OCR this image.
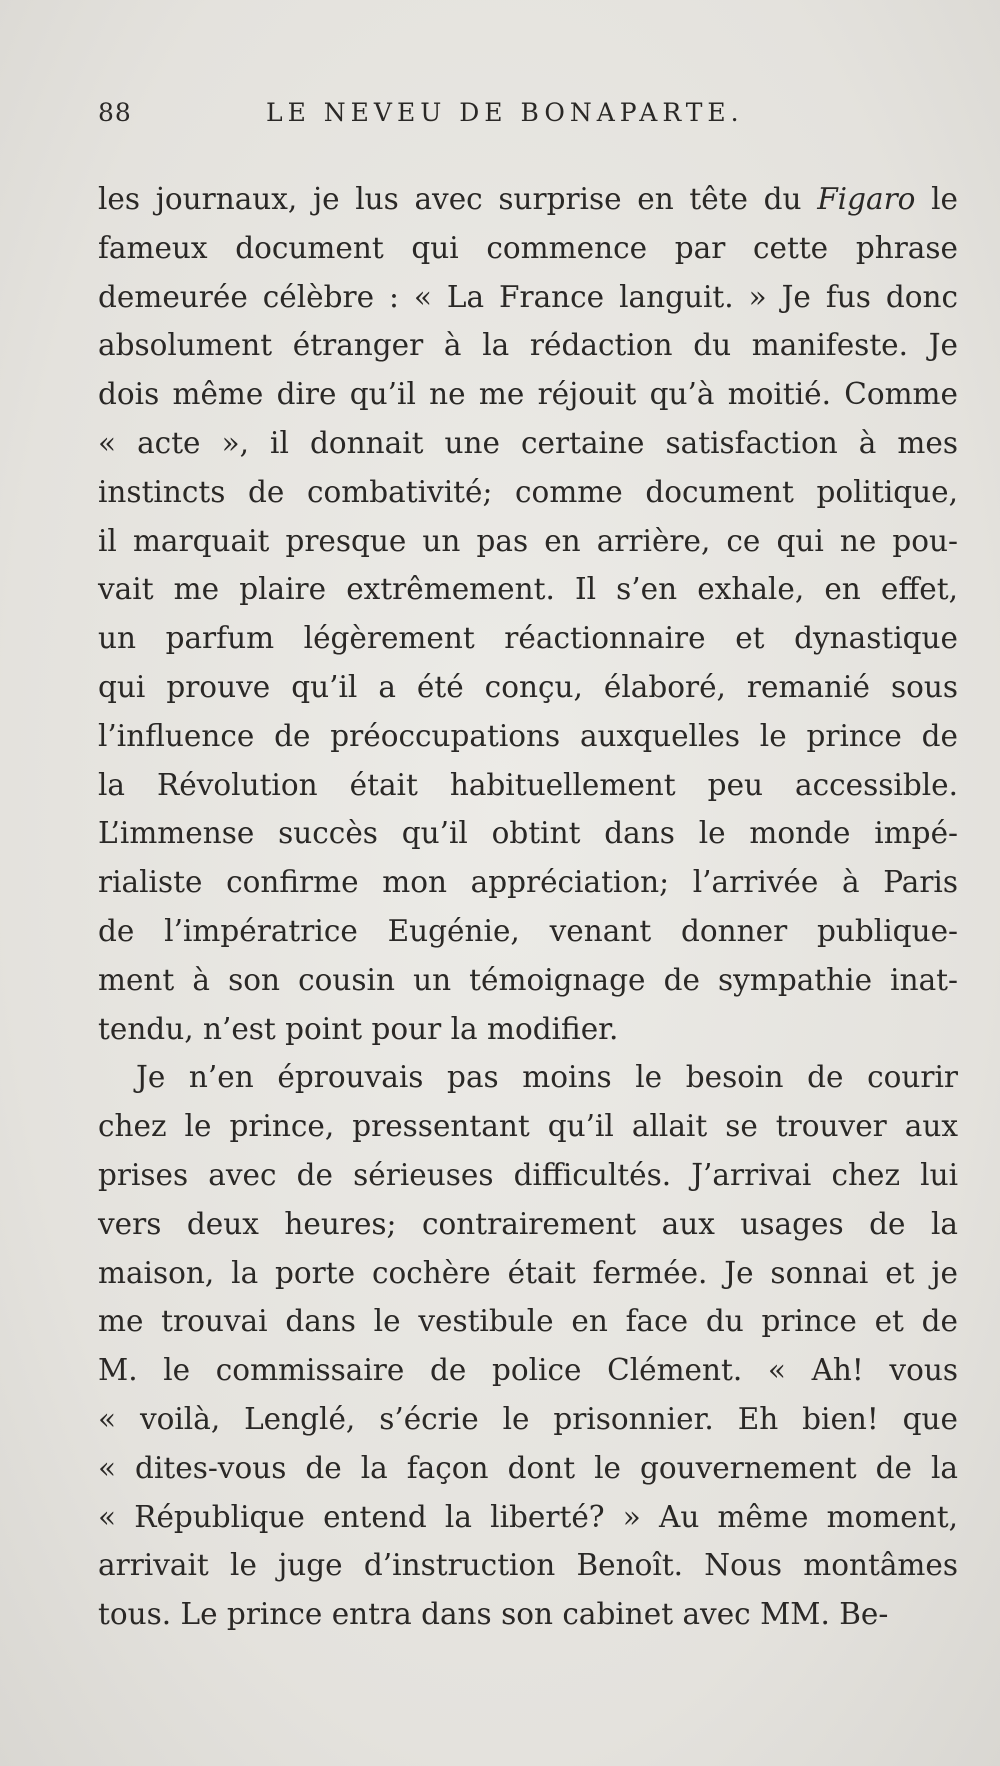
88	LE NEVEU DE BONAPARTE.
les journaux, je lus avec surprise en tête du Figaro le
fameux document qui commence par cette phrase
demeurée célèbre : « La France languit. » Je fus donc
absolument étranger à la rédaction du manifeste. Je
dois même dire qu’il ne me réjouit qu’à moitié. Comme
« acte », il donnait une certaine satisfaction à mes
instincts de combativité; comme document politique,
il marquait presque un pas en arrière, ce qui ne pou-
vait me plaire extrêmement. Il s’en exhale, en effet,
un parfum légèrement réactionnaire et dynastique
qui prouve qu’il a été conçu, élaboré, remanié sous
l’influence de préoccupations auxquelles le prince de
la Révolution était habituellement peu accessible.
L’immense succès qu’il obtint dans le monde impé-
rialiste confirme mon appréciation; l’arrivée à Paris
de l’impératrice Eugénie, venant donner publique-
ment à son cousin un témoignage de sympathie inat-
tendu, n’est point pour la modifier.
Je n’en éprouvais pas moins le besoin de courir
chez le prince, pressentant qu’il allait se trouver aux
prises avec de sérieuses difficultés. J’arrivai chez lui
vers deux heures; contrairement aux usages de la
maison, la porte cochère était fermée. Je sonnai et je
me trouvai dans le vestibule en face du prince et de
M. le commissaire de police Clément. « Ah! vous
« voilà, Lenglé, s’écrie le prisonnier. Eh bien! que
« dites-vous de la façon dont le gouvernement de la
« République entend la liberté? » Au même moment,
arrivait le juge d’instruction Benoît. Nous montâmes
tous. Le prince entra dans son cabinet avec MM. Be-
